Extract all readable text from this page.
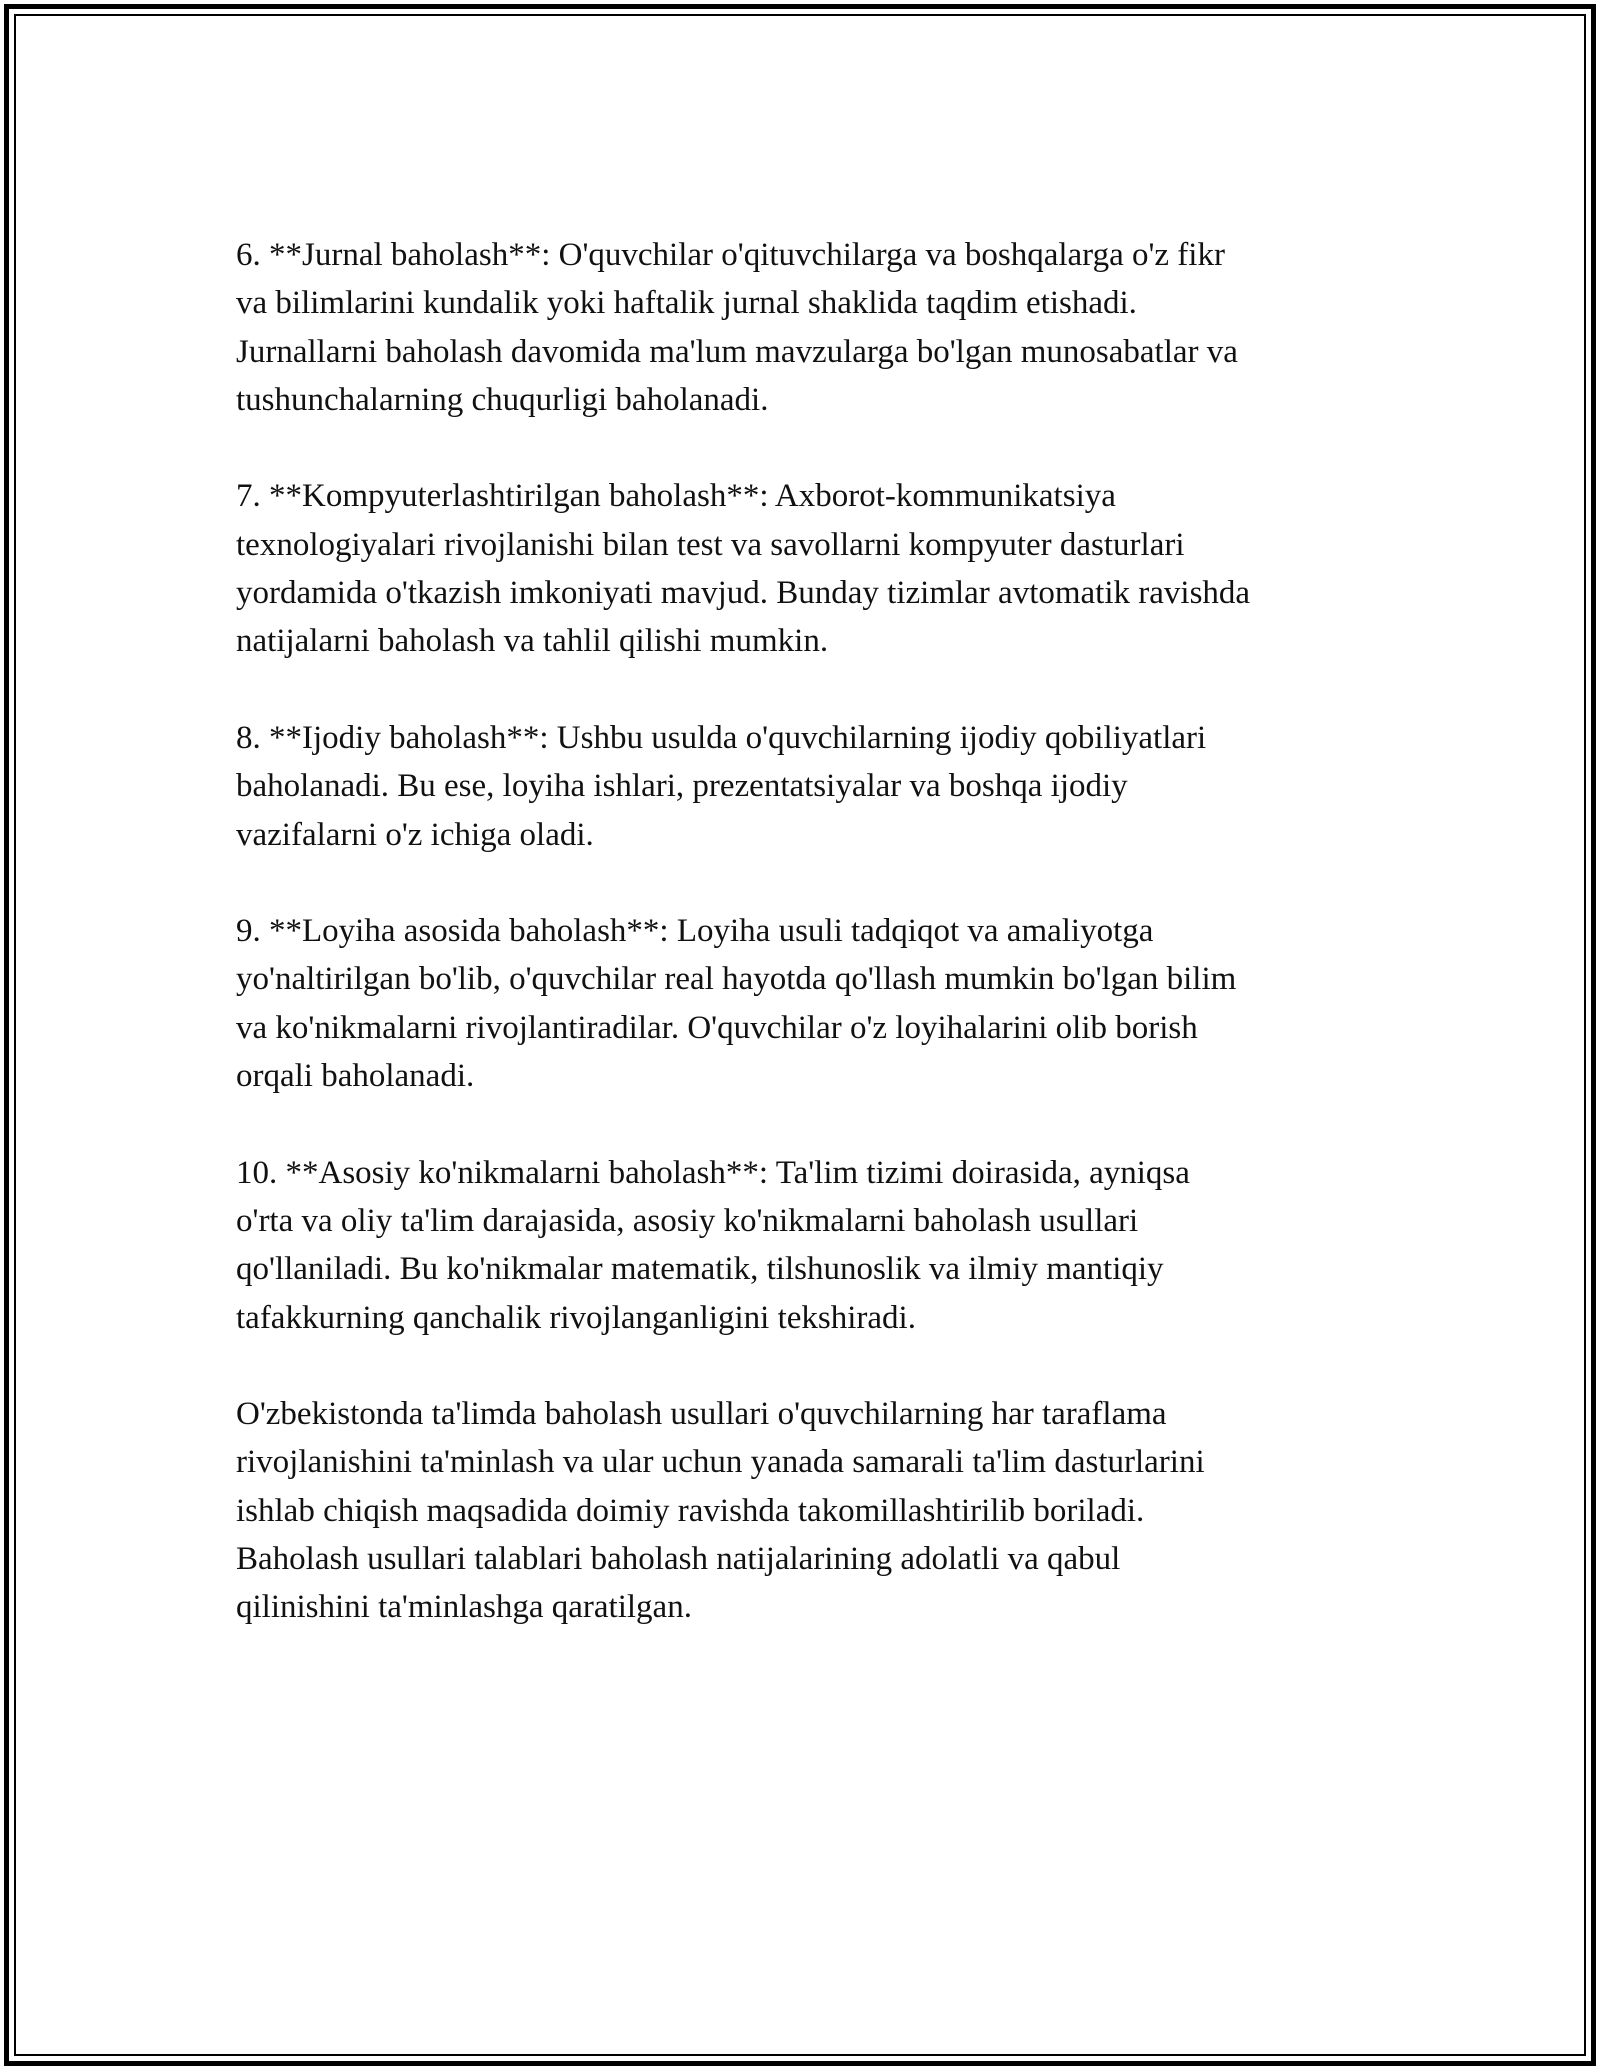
6. **Jurnal baholash**: O'quvchilar o'qituvchilarga va boshqalarga o'z fikr
va bilimlarini kundalik yoki haftalik jurnal shaklida taqdim etishadi.
Jurnallarni baholash davomida ma'lum mavzularga bo'lgan munosabatlar va
tushunchalarning chuqurligi baholanadi.

7. **Kompyuterlashtirilgan baholash**: Axborot-kommunikatsiya
texnologiyalari rivojlanishi bilan test va savollarni kompyuter dasturlari
yordamida o'tkazish imkoniyati mavjud. Bunday tizimlar avtomatik ravishda
natijalarni baholash va tahlil qilishi mumkin.

8. **Ijodiy baholash**: Ushbu usulda o'quvchilarning ijodiy qobiliyatlari
baholanadi. Bu ese, loyiha ishlari, prezentatsiyalar va boshqa ijodiy
vazifalarni o'z ichiga oladi.

9. **Loyiha asosida baholash**: Loyiha usuli tadqiqot va amaliyotga
yo'naltirilgan bo'lib, o'quvchilar real hayotda qo'llash mumkin bo'lgan bilim
va ko'nikmalarni rivojlantiradilar. O'quvchilar o'z loyihalarini olib borish
orqali baholanadi.

10. **Asosiy ko'nikmalarni baholash**: Ta'lim tizimi doirasida, ayniqsa
o'rta va oliy ta'lim darajasida, asosiy ko'nikmalarni baholash usullari
qo'llaniladi. Bu ko'nikmalar matematik, tilshunoslik va ilmiy mantiqiy
tafakkurning qanchalik rivojlanganligini tekshiradi.

O'zbekistonda ta'limda baholash usullari o'quvchilarning har taraflama
rivojlanishini ta'minlash va ular uchun yanada samarali ta'lim dasturlarini
ishlab chiqish maqsadida doimiy ravishda takomillashtirilib boriladi.
Baholash usullari talablari baholash natijalarining adolatli va qabul
qilinishini ta'minlashga qaratilgan.
